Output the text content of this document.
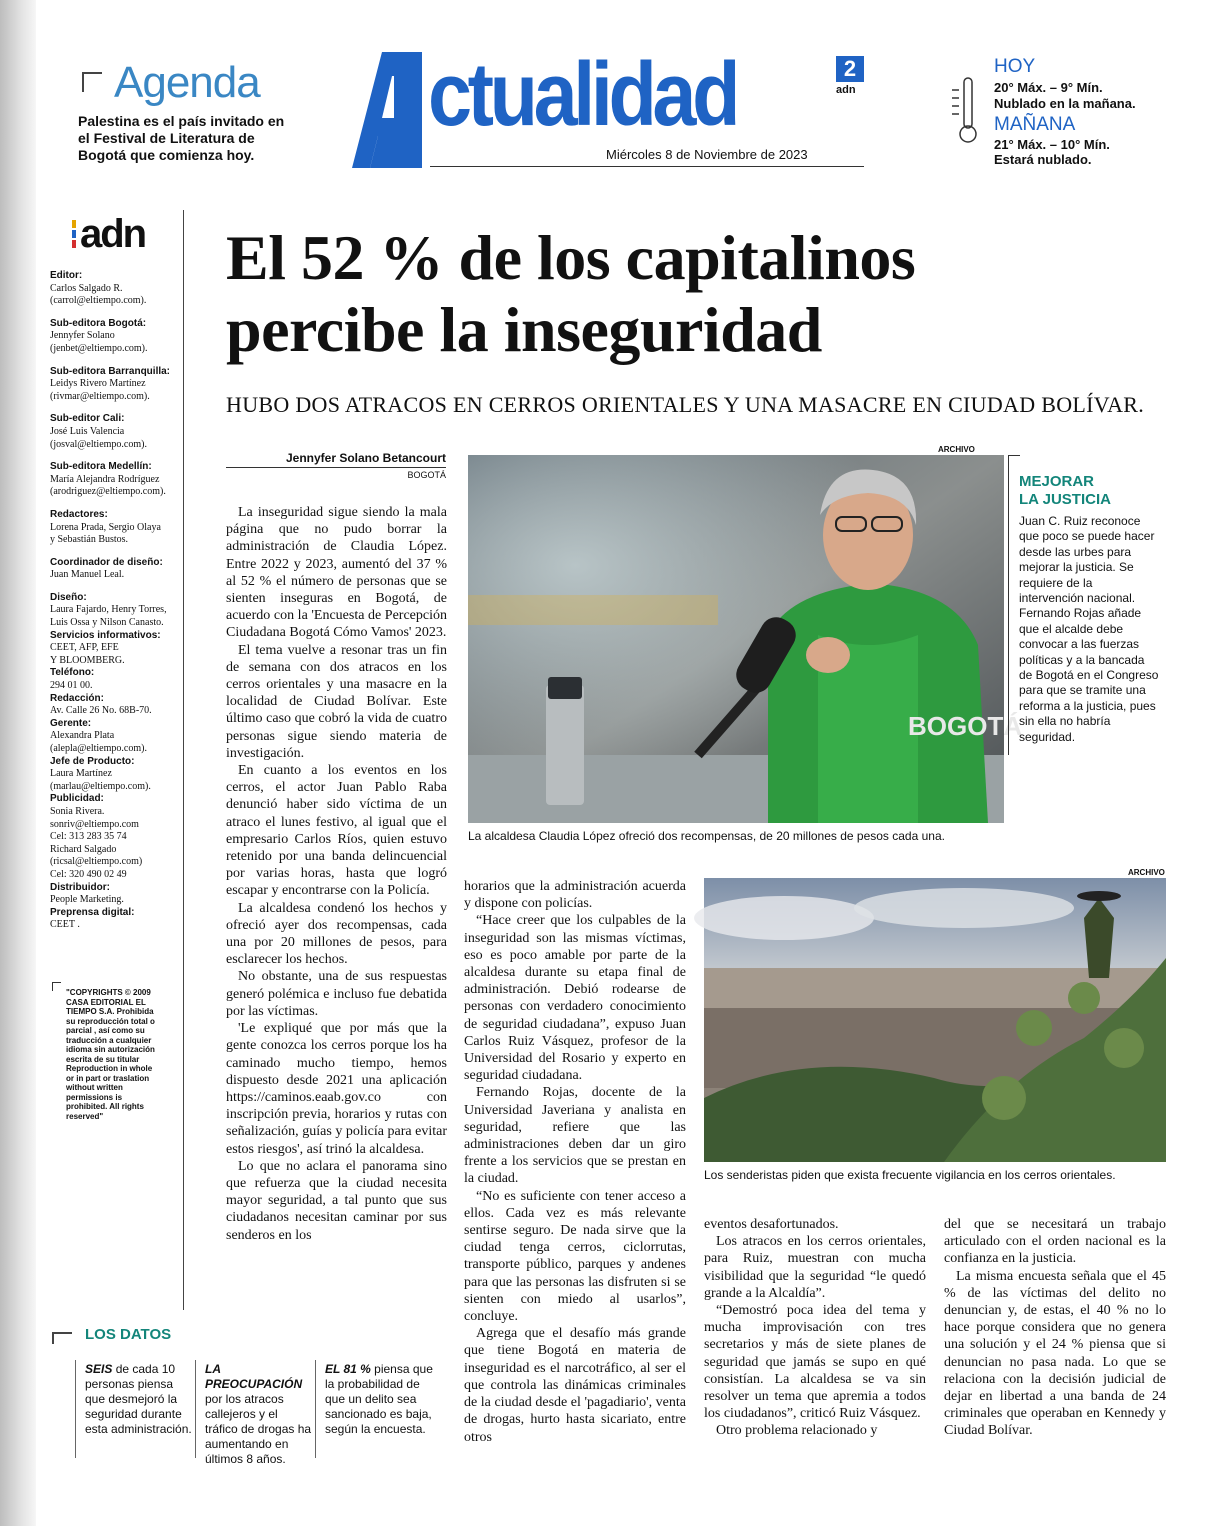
Agenda
Palestina es el país invitado en el Festival de Literatura de Bogotá que comienza hoy.
ctualidad	2
adn
Miércoles 8 de Noviembre de 2023
HOY
20° Máx. – 9° Mín.
Nublado en la mañana.
MAÑANA
21° Máx. – 10° Mín.
Estará nublado.
adn
Editor:
Carlos Salgado R.
(carrol@eltiempo.com).
Sub-editora Bogotá:
Jennyfer Solano
(jenbet@eltiempo.com).
Sub-editora Barranquilla:
Leidys Rivero Martínez
(rivmar@eltiempo.com).
Sub-editor Cali:
José Luis Valencia
(josval@eltiempo.com).
Sub-editora Medellín:
María Alejandra Rodríguez
(arodriguez@eltiempo.com).
Redactores:
Lorena Prada, Sergio Olaya
y Sebastián Bustos.
Coordinador de diseño:
Juan Manuel Leal.
Diseño:
Laura Fajardo, Henry Torres,
Luis Ossa y Nilson Canasto.
Servicios informativos:
CEET, AFP, EFE
Y BLOOMBERG.
Teléfono:
294 01 00.
Redacción:
Av. Calle 26 No. 68B-70.
Gerente:
Alexandra Plata
(alepla@eltiempo.com).
Jefe de Producto:
Laura Martínez
(marlau@eltiempo.com).
Publicidad:
Sonia Rivera.
sonriv@eltiempo.com
Cel: 313 283 35 74
Richard Salgado
(ricsal@eltiempo.com)
Cel: 320 490 02 49
Distribuidor:
People Marketing.
Preprensa digital:
CEET .
"COPYRIGHTS © 2009 CASA EDITORIAL EL TIEMPO S.A. Prohibida su reproducción total o parcial , así como su traducción a cualquier idioma sin autorización escrita de su titular Reproduction in whole or in part or traslation without written permissions is prohibited. All rights reserved"
El 52 % de los capitalinos
percibe la inseguridad
HUBO DOS ATRACOS EN CERROS ORIENTALES Y UNA MASACRE EN CIUDAD BOLÍVAR.
Jennyfer Solano Betancourt
BOGOTÁ

La inseguridad sigue siendo la mala página que no pudo borrar la administración de Claudia López. Entre 2022 y 2023, aumentó del 37 % al 52 % el número de personas que se sienten inseguras en Bogotá, de acuerdo con la 'Encuesta de Percepción Ciudadana Bogotá Cómo Vamos' 2023.

El tema vuelve a resonar tras un fin de semana con dos atracos en los cerros orientales y una masacre en la localidad de Ciudad Bolívar. Este último caso que cobró la vida de cuatro personas sigue siendo materia de investigación.

En cuanto a los eventos en los cerros, el actor Juan Pablo Raba denunció haber sido víctima de un atraco el lunes festivo, al igual que el empresario Carlos Ríos, quien estuvo retenido por una banda delincuencial por varias horas, hasta que logró escapar y encontrarse con la Policía.

La alcaldesa condenó los hechos y ofreció ayer dos recompensas, cada una por 20 millones de pesos, para esclarecer los hechos.

No obstante, una de sus respuestas generó polémica e incluso fue debatida por las víctimas.

'Le expliqué que por más que la gente conozca los cerros porque los ha caminado mucho tiempo, hemos dispuesto desde 2021 una aplicación https://caminos.eaab.gov.co con inscripción previa, horarios y rutas con señalización, guías y policía para evitar estos riesgos', así trinó la alcaldesa.

Lo que no aclara el panorama sino que refuerza que la ciudad necesita mayor seguridad, a tal punto que sus ciudadanos necesitan caminar por sus senderos en los

horarios que la administración acuerda y dispone con policías.

“Hace creer que los culpables de la inseguridad son las mismas víctimas, eso es poco amable por parte de la alcaldesa durante su etapa final de administración. Debió rodearse de personas con verdadero conocimiento de seguridad ciudadana”, expuso Juan Carlos Ruiz Vásquez, profesor de la Universidad del Rosario y experto en seguridad ciudadana.

Fernando Rojas, docente de la Universidad Javeriana y analista en seguridad, refiere que las administraciones deben dar un giro frente a los servicios que se prestan en la ciudad.

“No es suficiente con tener acceso a ellos. Cada vez es más relevante sentirse seguro. De nada sirve que la ciudad tenga cerros, ciclorrutas, transporte público, parques y andenes para que las personas las disfruten si se sienten con miedo al usarlos”, concluye.

Agrega que el desafío más grande que tiene Bogotá en materia de inseguridad es el narcotráfico, al ser el que controla las dinámicas criminales de la ciudad desde el 'pagadiario', venta de drogas, hurto hasta sicariato, entre otros

eventos desafortunados.

Los atracos en los cerros orientales, para Ruiz, muestran con mucha visibilidad que la seguridad “le quedó grande a la Alcaldía”.

“Demostró poca idea del tema y mucha improvisación con tres secretarios y más de siete planes de seguridad que jamás se supo en qué consistían. La alcaldesa se va sin resolver un tema que apremia a todos los ciudadanos”, criticó Ruiz Vásquez.

Otro problema relacionado y

del que se necesitará un trabajo articulado con el orden nacional es la confianza en la justicia.

La misma encuesta señala que el 45 % de las víctimas del delito no denuncian y, de estas, el 40 % no lo hace porque considera que no genera una solución y el 24 % piensa que si denuncian no pasa nada. Lo que se relaciona con la decisión judicial de dejar en libertad a una banda de 24 criminales que operaban en Kennedy y Ciudad Bolívar.

ARCHIVO
BOGOTÁ
La alcaldesa Claudia López ofreció dos recompensas, de 20 millones de pesos cada una.
MEJORAR
LA JUSTICIA
Juan C. Ruiz reconoce que poco se puede hacer desde las urbes para mejorar la justicia. Se requiere de la intervención nacional. Fernando Rojas añade que el alcalde debe convocar a las fuerzas políticas y a la bancada de Bogotá en el Congreso para que se tramite una reforma a la justicia, pues sin ella no habría seguridad.
ARCHIVO
Los senderistas piden que exista frecuente vigilancia en los cerros orientales.
LOS DATOS
SEIS de cada 10 personas piensa que desmejoró la seguridad durante esta administración.
LA PREOCUPACIÓN por los atracos callejeros y el tráfico de drogas ha aumentando en últimos 8 años.
EL 81 % piensa que la probabilidad de que un delito sea sancionado es baja, según la encuesta.
